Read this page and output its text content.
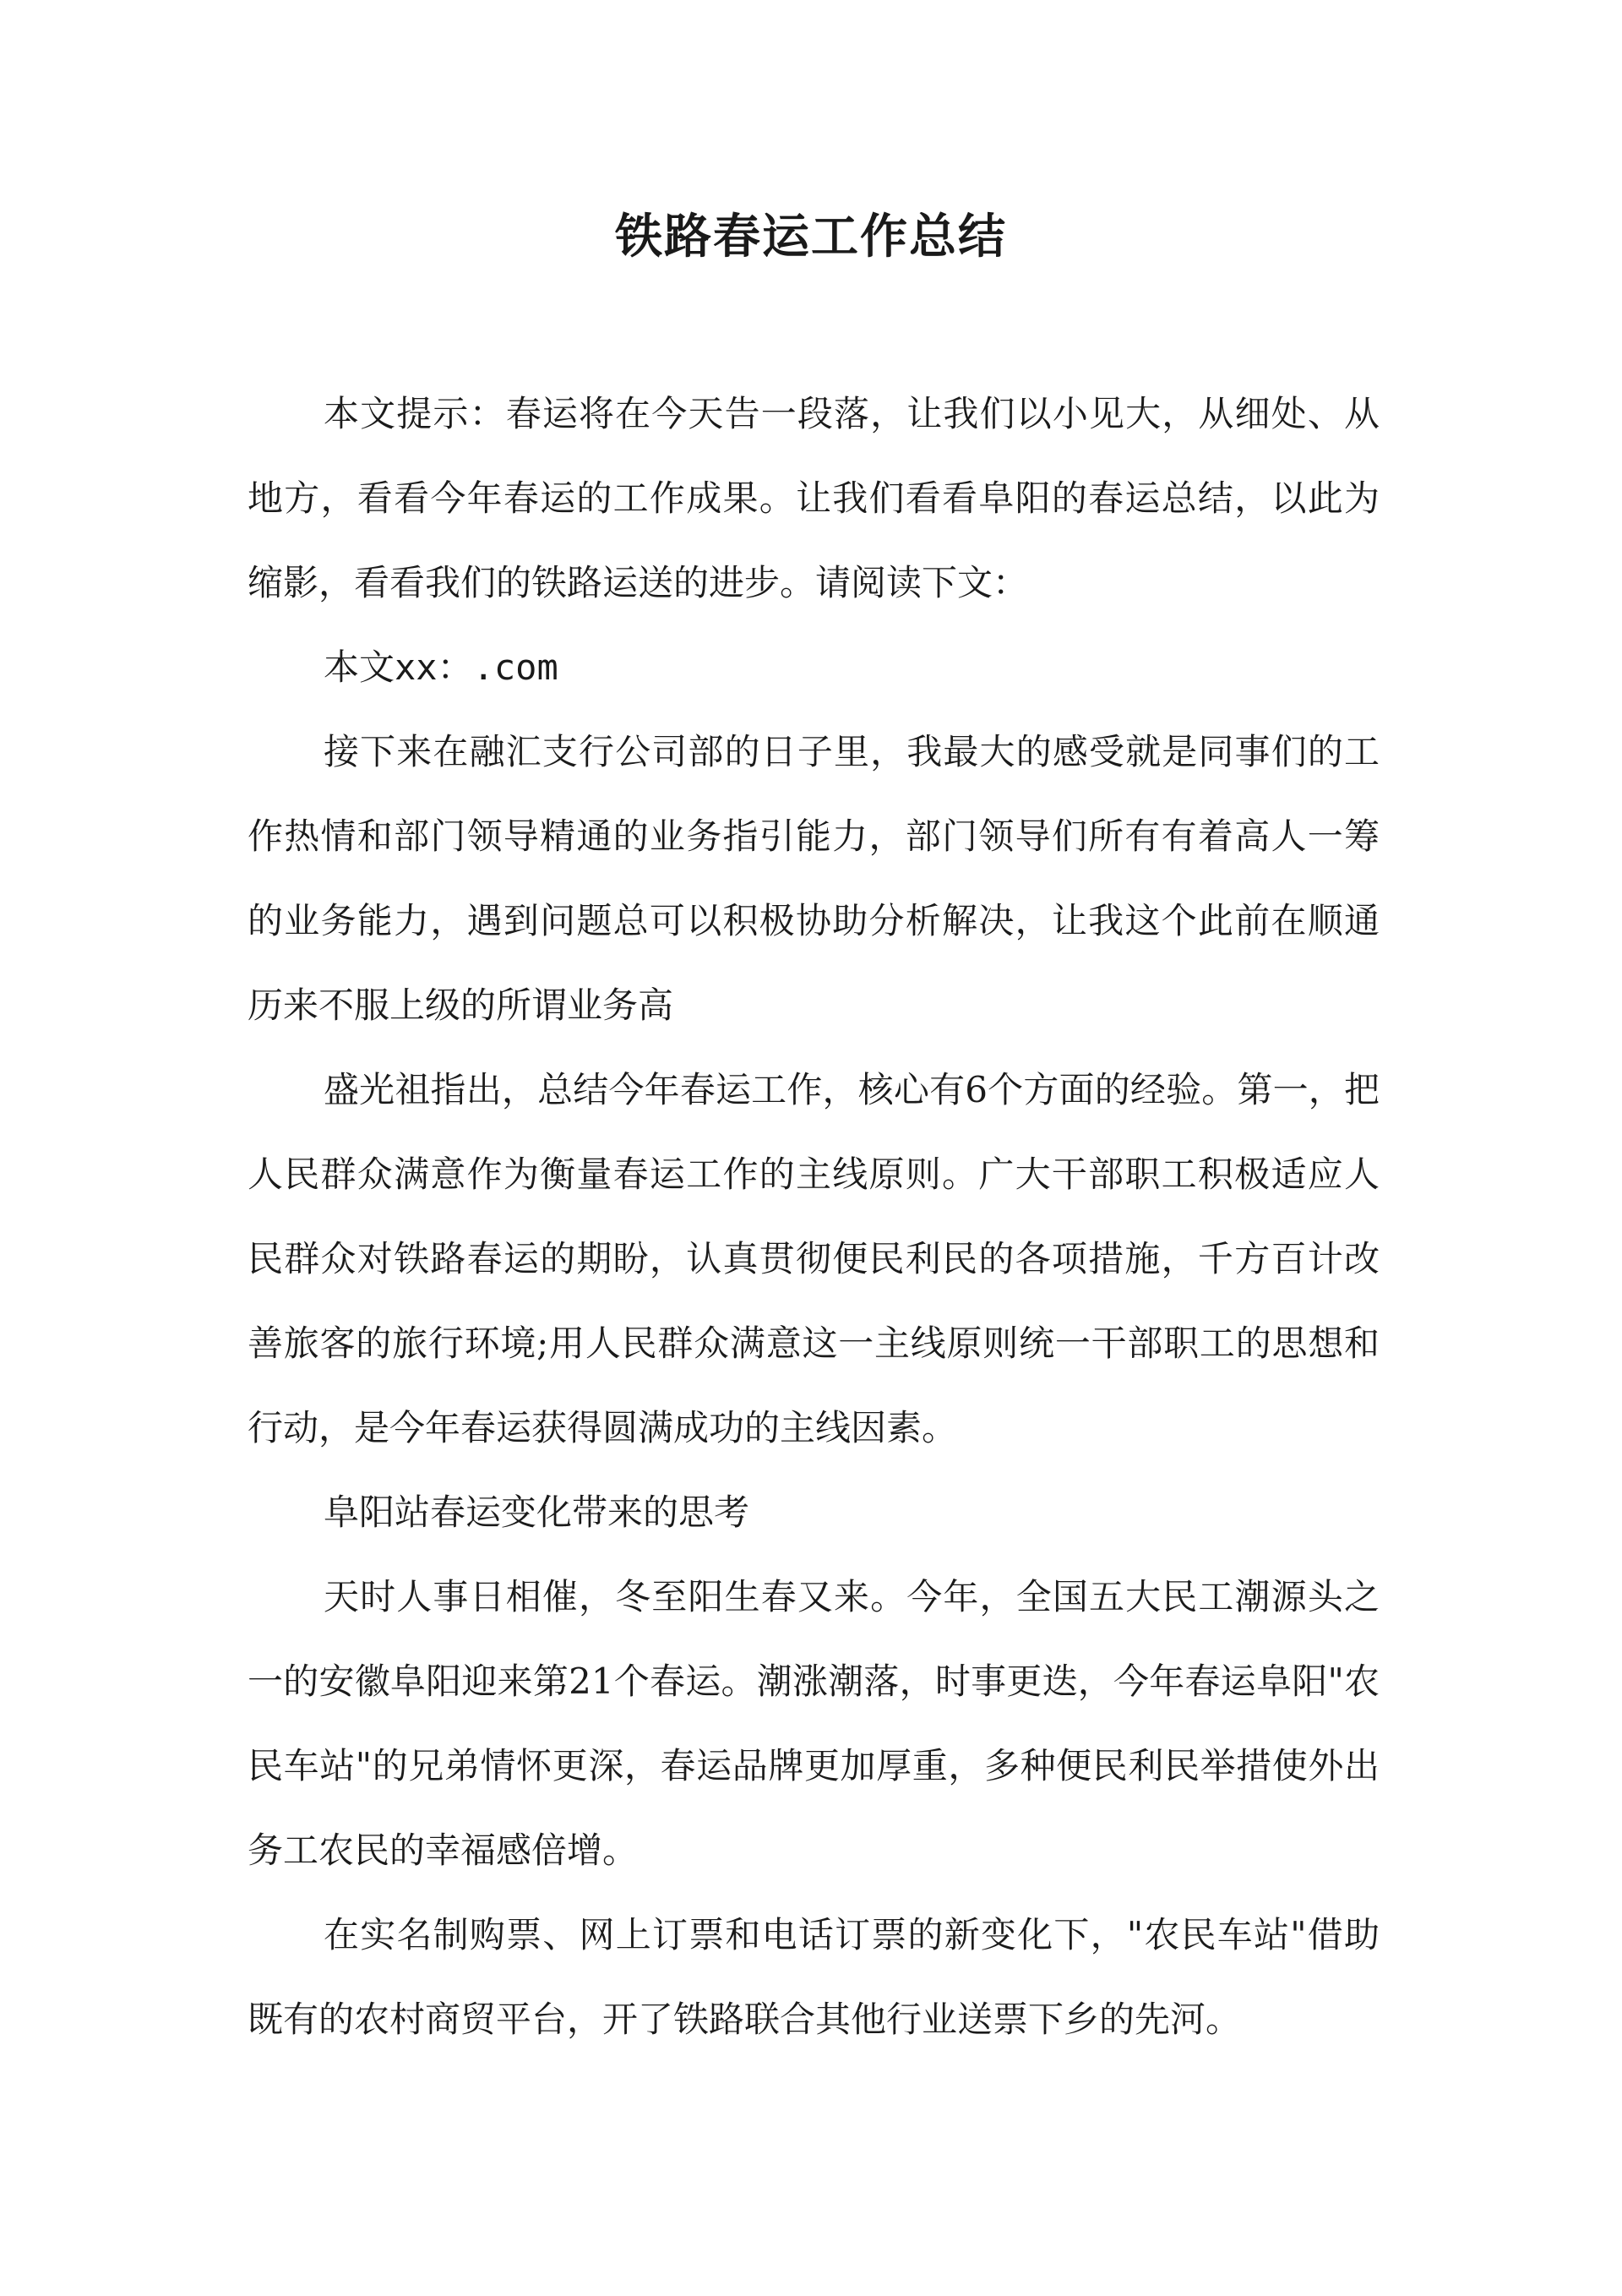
铁路春运工作总结

本文提示：春运将在今天告一段落，让我们以小见大，从细处、从地方，看看今年春运的工作成果。让我们看看阜阳的春运总结，以此为缩影，看看我们的铁路运送的进步。请阅读下文：

本文xx：.com

接下来在融汇支行公司部的日子里，我最大的感受就是同事们的工作热情和部门领导精通的业务指引能力，部门领导们所有有着高人一筹的业务能力，遇到问题总可以积极协助分析解决，让我这个此前在顺通历来不服上级的所谓业务高

盛光祖指出，总结今年春运工作，核心有6个方面的经验。第一，把人民群众满意作为衡量春运工作的主线原则。广大干部职工积极适应人民群众对铁路春运的期盼，认真贯彻便民利民的各项措施，千方百计改善旅客的旅行环境;用人民群众满意这一主线原则统一干部职工的思想和行动，是今年春运获得圆满成功的主线因素。

阜阳站春运变化带来的思考

天时人事日相催，冬至阳生春又来。今年，全国五大民工潮源头之一的安徽阜阳迎来第21个春运。潮涨潮落，时事更迭，今年春运阜阳"农民车站"的兄弟情怀更深，春运品牌更加厚重，多种便民利民举措使外出务工农民的幸福感倍增。

在实名制购票、网上订票和电话订票的新变化下，"农民车站"借助既有的农村商贸平台，开了铁路联合其他行业送票下乡的先河。
